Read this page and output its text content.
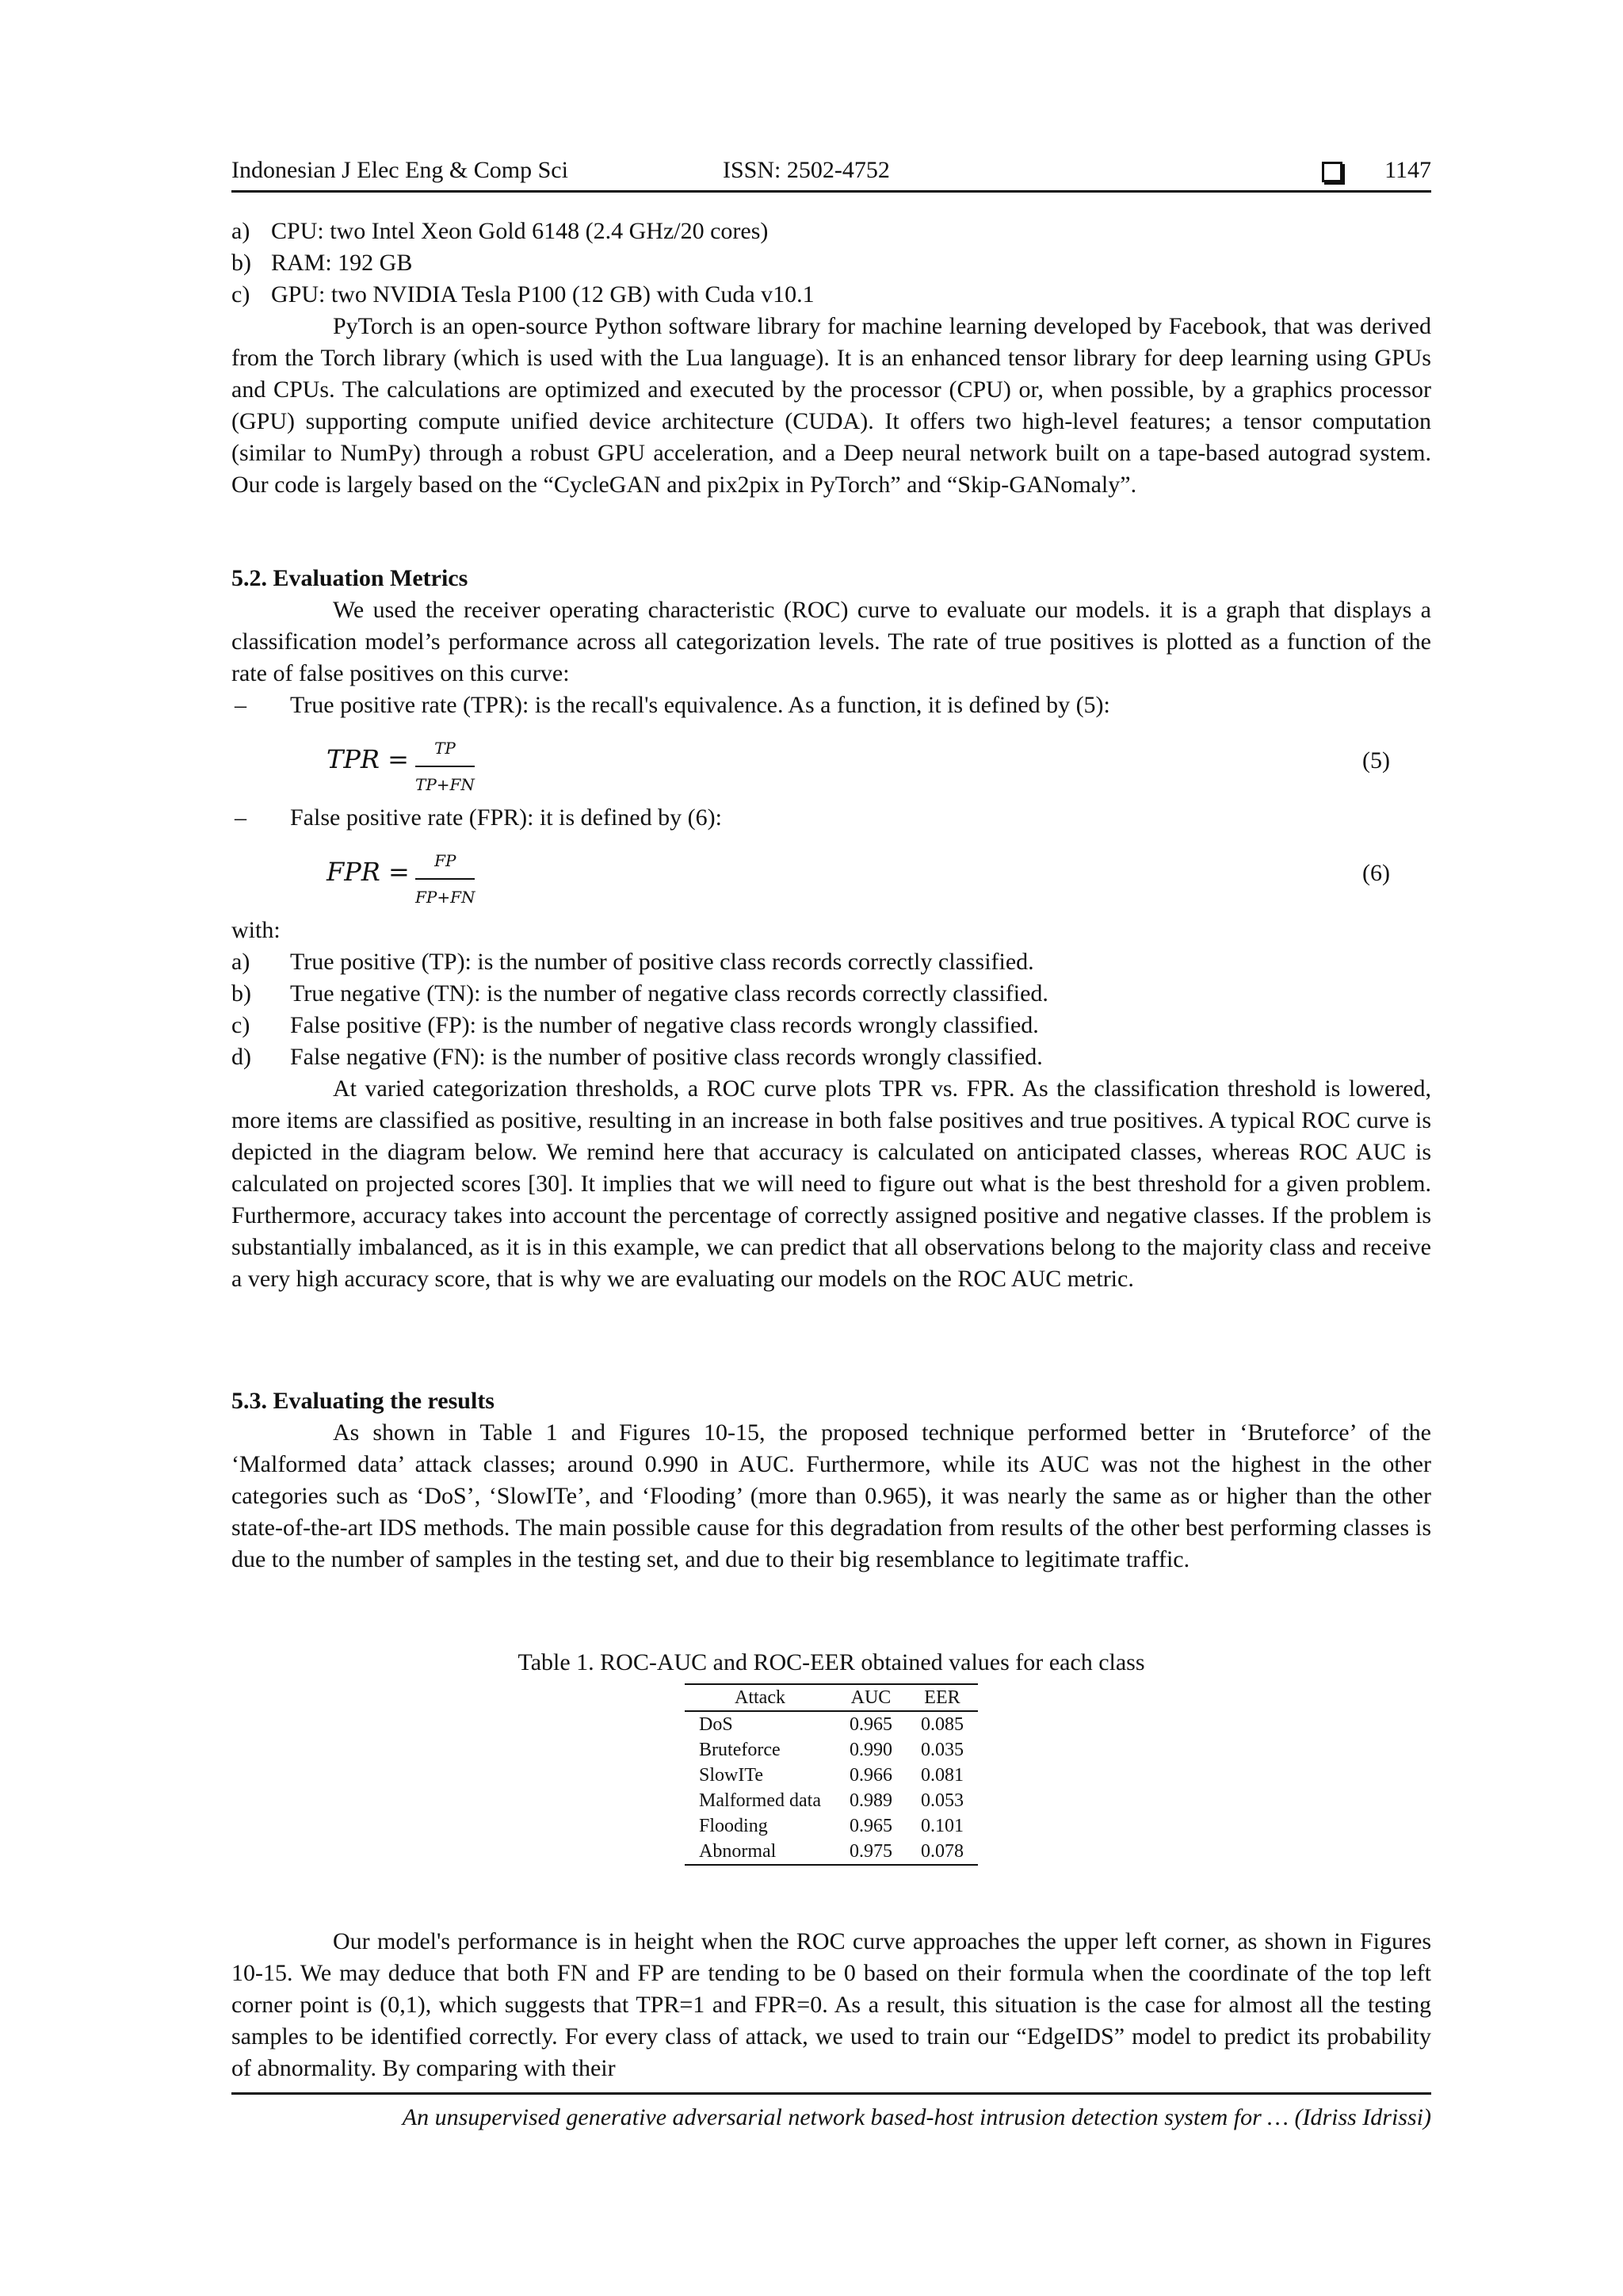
Indonesian J Elec Eng & Comp Sci	ISSN: 2502-4752	1147

a) CPU: two Intel Xeon Gold 6148 (2.4 GHz/20 cores)

b) RAM: 192 GB

c) GPU: two NVIDIA Tesla P100 (12 GB) with Cuda v10.1

PyTorch is an open-source Python software library for machine learning developed by Facebook, that was derived from the Torch library (which is used with the Lua language). It is an enhanced tensor library for deep learning using GPUs and CPUs. The calculations are optimized and executed by the processor (CPU) or, when possible, by a graphics processor (GPU) supporting compute unified device architecture (CUDA). It offers two high-level features; a tensor computation (similar to NumPy) through a robust GPU acceleration, and a Deep neural network built on a tape-based autograd system. Our code is largely based on the “CycleGAN and pix2pix in PyTorch” and “Skip-GANomaly”.

5.2. Evaluation Metrics

We used the receiver operating characteristic (ROC) curve to evaluate our models. it is a graph that displays a classification model’s performance across all categorization levels. The rate of true positives is plotted as a function of the rate of false positives on this curve:

– True positive rate (TPR): is the recall's equivalence. As a function, it is defined by (5):

TPR = $\frac{TP}{TP+FN}$	(5)

– False positive rate (FPR): it is defined by (6):

FPR = $\frac{FP}{FP+FN}$	(6)

with:

a) True positive (TP): is the number of positive class records correctly classified.

b) True negative (TN): is the number of negative class records correctly classified.

c) False positive (FP): is the number of negative class records wrongly classified.

d) False negative (FN): is the number of positive class records wrongly classified.

At varied categorization thresholds, a ROC curve plots TPR vs. FPR. As the classification threshold is lowered, more items are classified as positive, resulting in an increase in both false positives and true positives. A typical ROC curve is depicted in the diagram below. We remind here that accuracy is calculated on anticipated classes, whereas ROC AUC is calculated on projected scores [30]. It implies that we will need to figure out what is the best threshold for a given problem. Furthermore, accuracy takes into account the percentage of correctly assigned positive and negative classes. If the problem is substantially imbalanced, as it is in this example, we can predict that all observations belong to the majority class and receive a very high accuracy score, that is why we are evaluating our models on the ROC AUC metric.

5.3. Evaluating the results

As shown in Table 1 and Figures 10-15, the proposed technique performed better in ‘Bruteforce’ of the ‘Malformed data’ attack classes; around 0.990 in AUC. Furthermore, while its AUC was not the highest in the other categories such as ‘DoS’, ‘SlowITe’, and ‘Flooding’ (more than 0.965), it was nearly the same as or higher than the other state-of-the-art IDS methods. The main possible cause for this degradation from results of the other best performing classes is due to the number of samples in the testing set, and due to their big resemblance to legitimate traffic.

Table 1. ROC-AUC and ROC-EER obtained values for each class
Attack	AUC	EER
DoS	0.965	0.085
Bruteforce	0.990	0.035
SlowITe	0.966	0.081
Malformed data	0.989	0.053
Flooding	0.965	0.101
Abnormal	0.975	0.078

Our model's performance is in height when the ROC curve approaches the upper left corner, as shown in Figures 10-15. We may deduce that both FN and FP are tending to be 0 based on their formula when the coordinate of the top left corner point is (0,1), which suggests that TPR=1 and FPR=0. As a result, this situation is the case for almost all the testing samples to be identified correctly. For every class of attack, we used to train our “EdgeIDS” model to predict its probability of abnormality. By comparing with their

An unsupervised generative adversarial network based-host intrusion detection system for … (Idriss Idrissi)
